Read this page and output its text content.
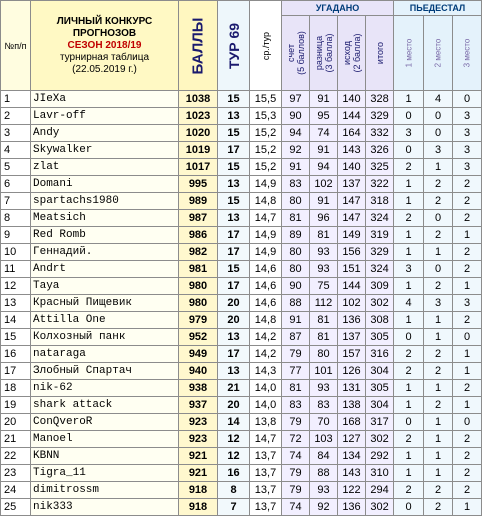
№п/п	ЛИЧНЫЙ КОНКУРС
ПРОГНОЗОВ
СЕЗОН 2018/19
турнирная таблица
(22.05.2019 г.)	БАЛЛЫ	ТУР 69	ср./тур	УГАДАНО				ПЬЕДЕСТАЛ		

					счет
(5 баллов)	разница
(3 балла)	исход
(2 балла)	итого	1 место	2 место	3 место

1	JIeXa	1038	15	15,5	97	91	140	328	1	4	0
2	Lavr-off	1023	13	15,3	90	95	144	329	0	0	3
3	Andy	1020	15	15,2	94	74	164	332	3	0	3
4	Skywalker	1019	17	15,2	92	91	143	326	0	3	3
5	zlat	1017	15	15,2	91	94	140	325	2	1	3
6	Domani	995	13	14,9	83	102	137	322	1	2	2
7	spartachs1980	989	15	14,8	80	91	147	318	1	2	2
8	Meatsich	987	13	14,7	81	96	147	324	2	0	2
9	Red Romb	986	17	14,9	89	81	149	319	1	2	1
10	Геннадий.	982	17	14,9	80	93	156	329	1	1	2
11	Andrt	981	15	14,6	80	93	151	324	3	0	2
12	Taya	980	17	14,6	90	75	144	309	1	2	1
13	Красный Пищевик	980	20	14,6	88	112	102	302	4	3	3
14	Attilla One	979	20	14,8	91	81	136	308	1	1	2
15	Колхозный панк	952	13	14,2	87	81	137	305	0	1	0
16	nataraga	949	17	14,2	79	80	157	316	2	2	1
17	Злобный Спартач	940	13	14,3	77	101	126	304	2	2	1
18	nik-62	938	21	14,0	81	93	131	305	1	1	2
19	shark attack	937	20	14,0	83	83	138	304	1	2	1
20	ConQveroR	923	14	13,8	79	70	168	317	0	1	0
21	Manoel	923	12	14,7	72	103	127	302	2	1	2
22	KBNN	921	12	13,7	74	84	134	292	1	1	2
23	Tigra_11	921	16	13,7	79	88	143	310	1	1	2
24	dimitrossm	918	8	13,7	79	93	122	294	2	2	2
25	nik333	918	7	13,7	74	92	136	302	0	2	1
